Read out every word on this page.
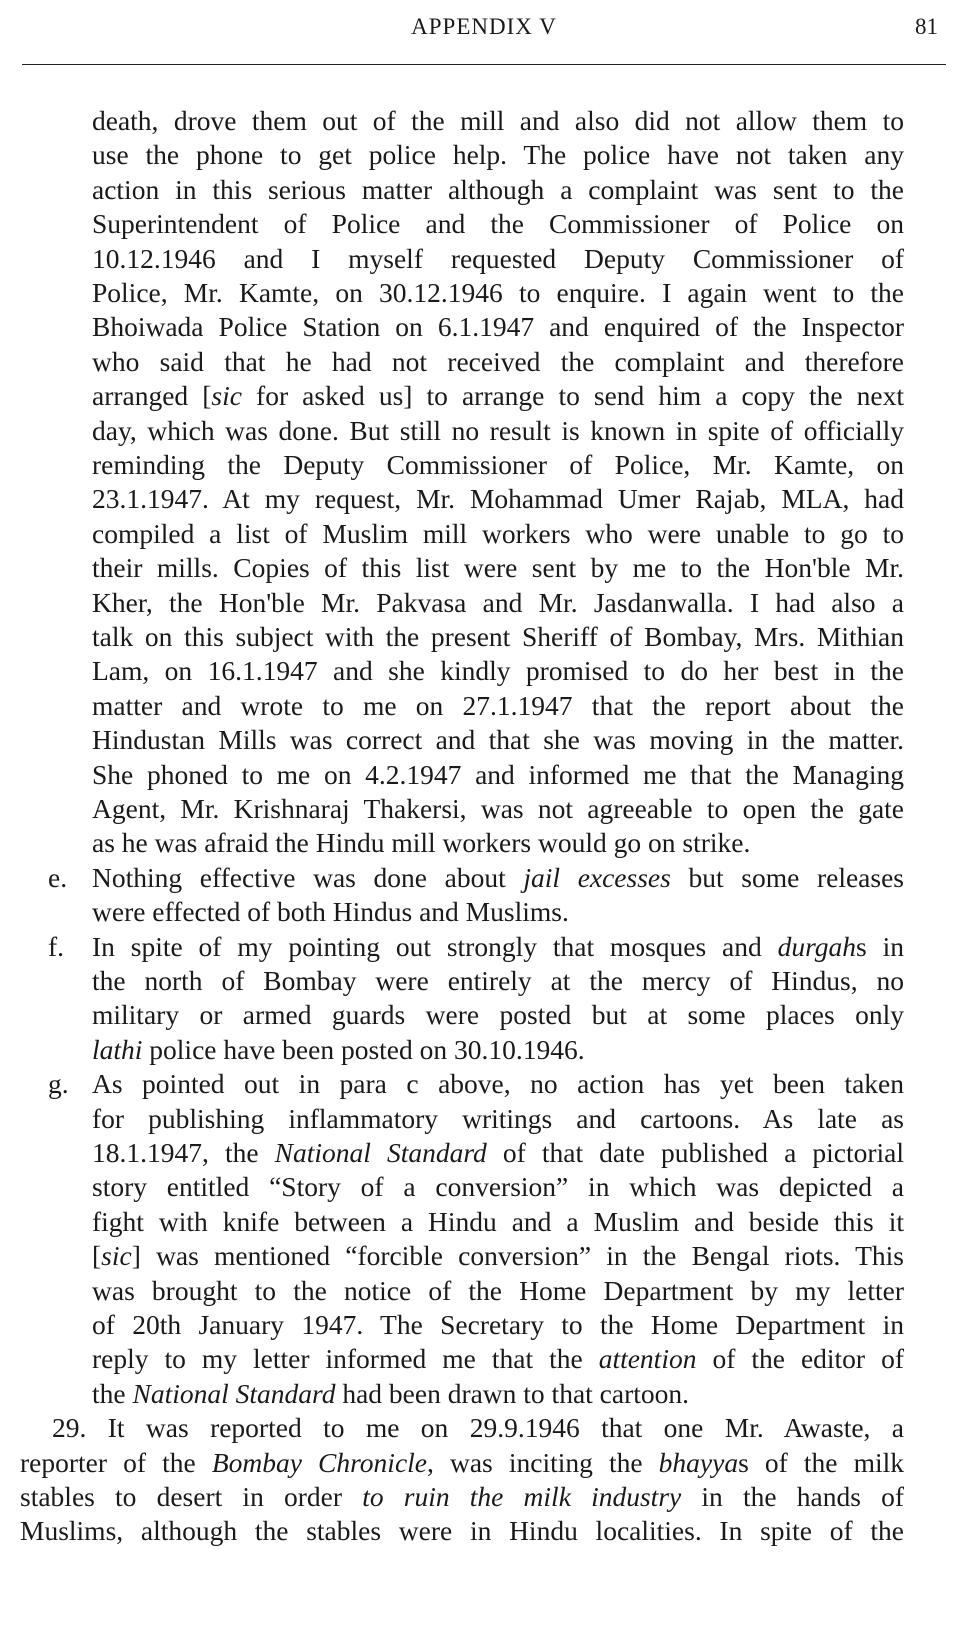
APPENDIX V	81
death, drove them out of the mill and also did not allow them to
use the phone to get police help. The police have not taken any
action in this serious matter although a complaint was sent to the
Superintendent of Police and the Commissioner of Police on
10.12.1946 and I myself requested Deputy Commissioner of
Police, Mr. Kamte, on 30.12.1946 to enquire. I again went to the
Bhoiwada Police Station on 6.1.1947 and enquired of the Inspector
who said that he had not received the complaint and therefore
arranged [sic for asked us] to arrange to send him a copy the next
day, which was done. But still no result is known in spite of officially
reminding the Deputy Commissioner of Police, Mr. Kamte, on
23.1.1947. At my request, Mr. Mohammad Umer Rajab, MLA, had
compiled a list of Muslim mill workers who were unable to go to
their mills. Copies of this list were sent by me to the Hon'ble Mr.
Kher, the Hon'ble Mr. Pakvasa and Mr. Jasdanwalla. I had also a
talk on this subject with the present Sheriff of Bombay, Mrs. Mithian
Lam, on 16.1.1947 and she kindly promised to do her best in the
matter and wrote to me on 27.1.1947 that the report about the
Hindustan Mills was correct and that she was moving in the matter.
She phoned to me on 4.2.1947 and informed me that the Managing
Agent, Mr. Krishnaraj Thakersi, was not agreeable to open the gate
as he was afraid the Hindu mill workers would go on strike.
e. Nothing effective was done about jail excesses but some releases
were effected of both Hindus and Muslims.
f. In spite of my pointing out strongly that mosques and durgahs in
the north of Bombay were entirely at the mercy of Hindus, no
military or armed guards were posted but at some places only
lathi police have been posted on 30.10.1946.
g. As pointed out in para c above, no action has yet been taken
for publishing inflammatory writings and cartoons. As late as
18.1.1947, the National Standard of that date published a pictorial
story entitled “Story of a conversion” in which was depicted a
fight with knife between a Hindu and a Muslim and beside this it
[sic] was mentioned “forcible conversion” in the Bengal riots. This
was brought to the notice of the Home Department by my letter
of 20th January 1947. The Secretary to the Home Department in
reply to my letter informed me that the attention of the editor of
the National Standard had been drawn to that cartoon.
29. It was reported to me on 29.9.1946 that one Mr. Awaste, a
reporter of the Bombay Chronicle, was inciting the bhayyas of the milk
stables to desert in order to ruin the milk industry in the hands of
Muslims, although the stables were in Hindu localities. In spite of the
